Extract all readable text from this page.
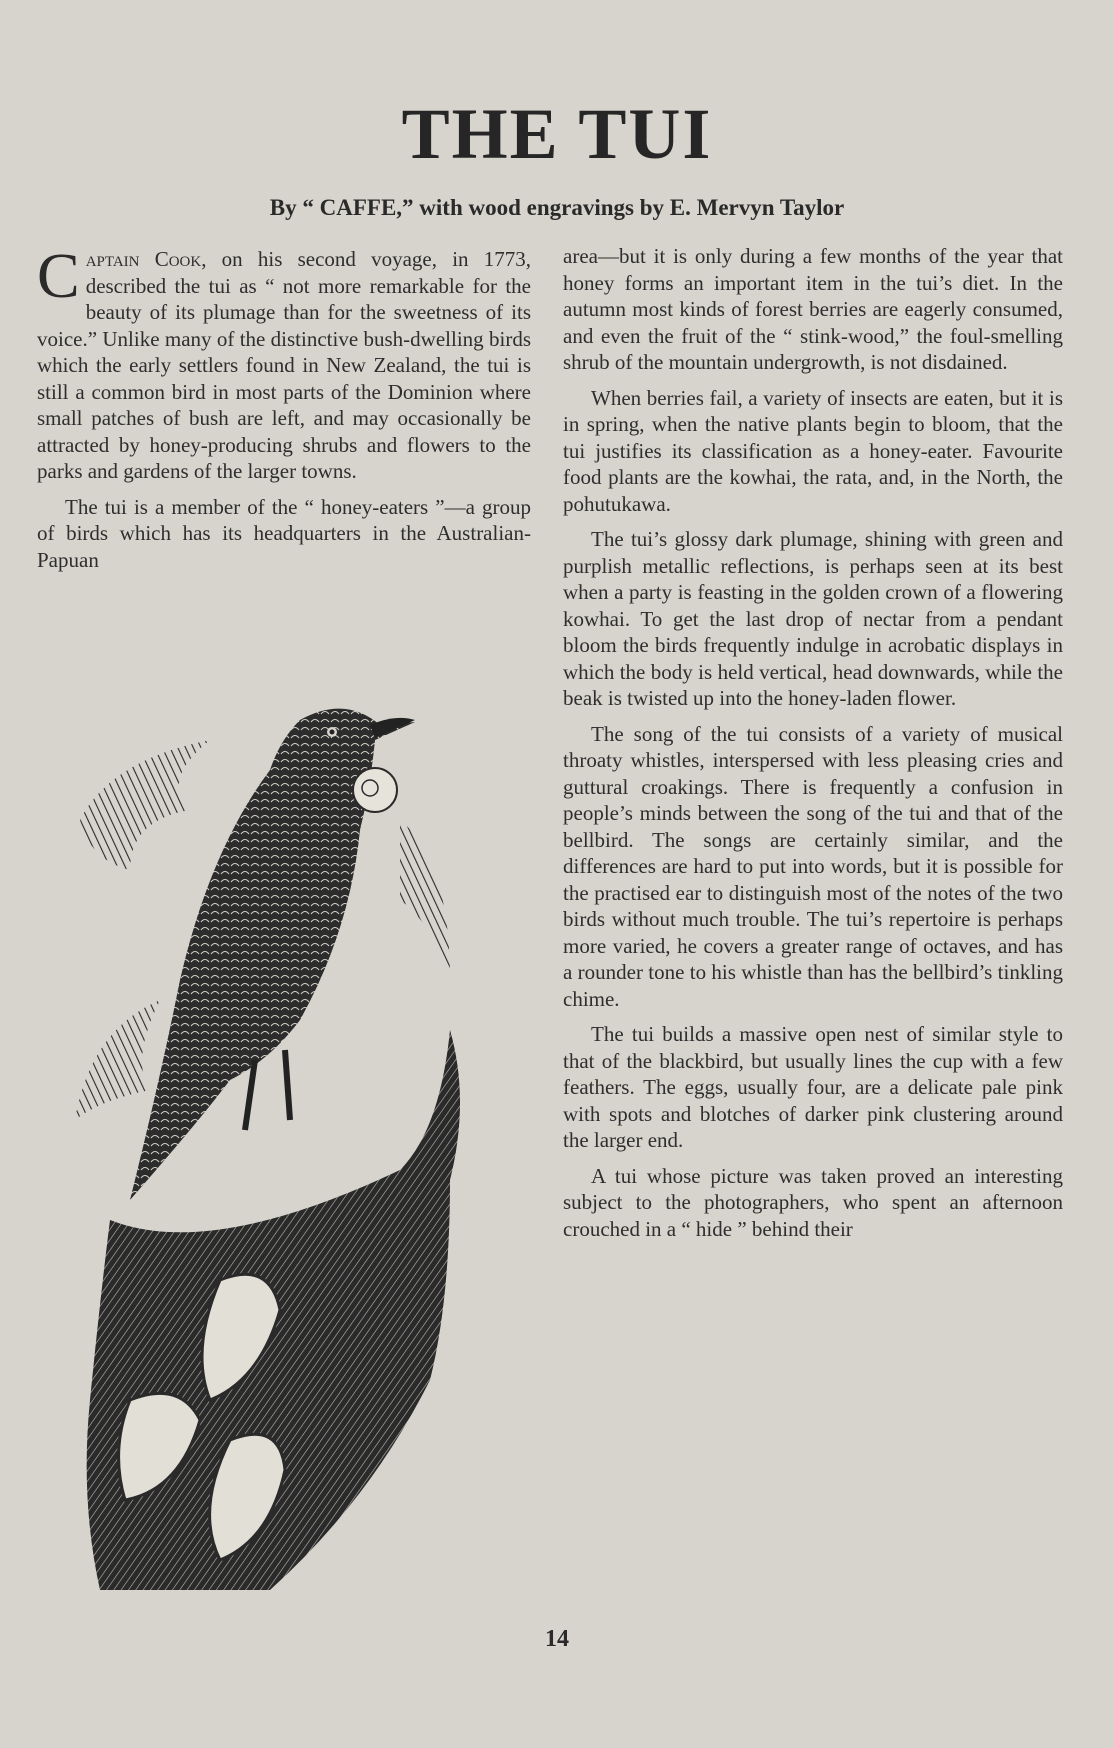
THE TUI
By “ CAFFE,” with wood engravings by E. Mervyn Taylor

Captain Cook, on his second voyage, in 1773, described the tui as “ not more remarkable for the beauty of its plumage than for the sweetness of its voice.” Unlike many of the distinctive bush-dwelling birds which the early settlers found in New Zealand, the tui is still a common bird in most parts of the Dominion where small patches of bush are left, and may occasionally be attracted by honey-producing shrubs and flowers to the parks and gardens of the larger towns.

The tui is a member of the “ honey-eaters ”—a group of birds which has its headquarters in the Australian-Papuan

area—but it is only during a few months of the year that honey forms an important item in the tui’s diet. In the autumn most kinds of forest berries are eagerly consumed, and even the fruit of the “ stink-wood,” the foul-smelling shrub of the mountain undergrowth, is not disdained.

When berries fail, a variety of insects are eaten, but it is in spring, when the native plants begin to bloom, that the tui justifies its classification as a honey-eater. Favourite food plants are the kowhai, the rata, and, in the North, the pohutukawa.

The tui’s glossy dark plumage, shining with green and purplish metallic reflections, is perhaps seen at its best when a party is feasting in the golden crown of a flowering kowhai. To get the last drop of nectar from a pendant bloom the birds frequently indulge in acrobatic displays in which the body is held vertical, head downwards, while the beak is twisted up into the honey-laden flower.

The song of the tui consists of a variety of musical throaty whistles, interspersed with less pleasing cries and guttural croakings. There is frequently a confusion in people’s minds between the song of the tui and that of the bellbird. The songs are certainly similar, and the differences are hard to put into words, but it is possible for the practised ear to distinguish most of the notes of the two birds without much trouble. The tui’s repertoire is perhaps more varied, he covers a greater range of octaves, and has a rounder tone to his whistle than has the bellbird’s tinkling chime.

The tui builds a massive open nest of similar style to that of the blackbird, but usually lines the cup with a few feathers. The eggs, usually four, are a delicate pale pink with spots and blotches of darker pink clustering around the larger end.

A tui whose picture was taken proved an interesting subject to the photographers, who spent an afternoon crouched in a “ hide ” behind their

14
